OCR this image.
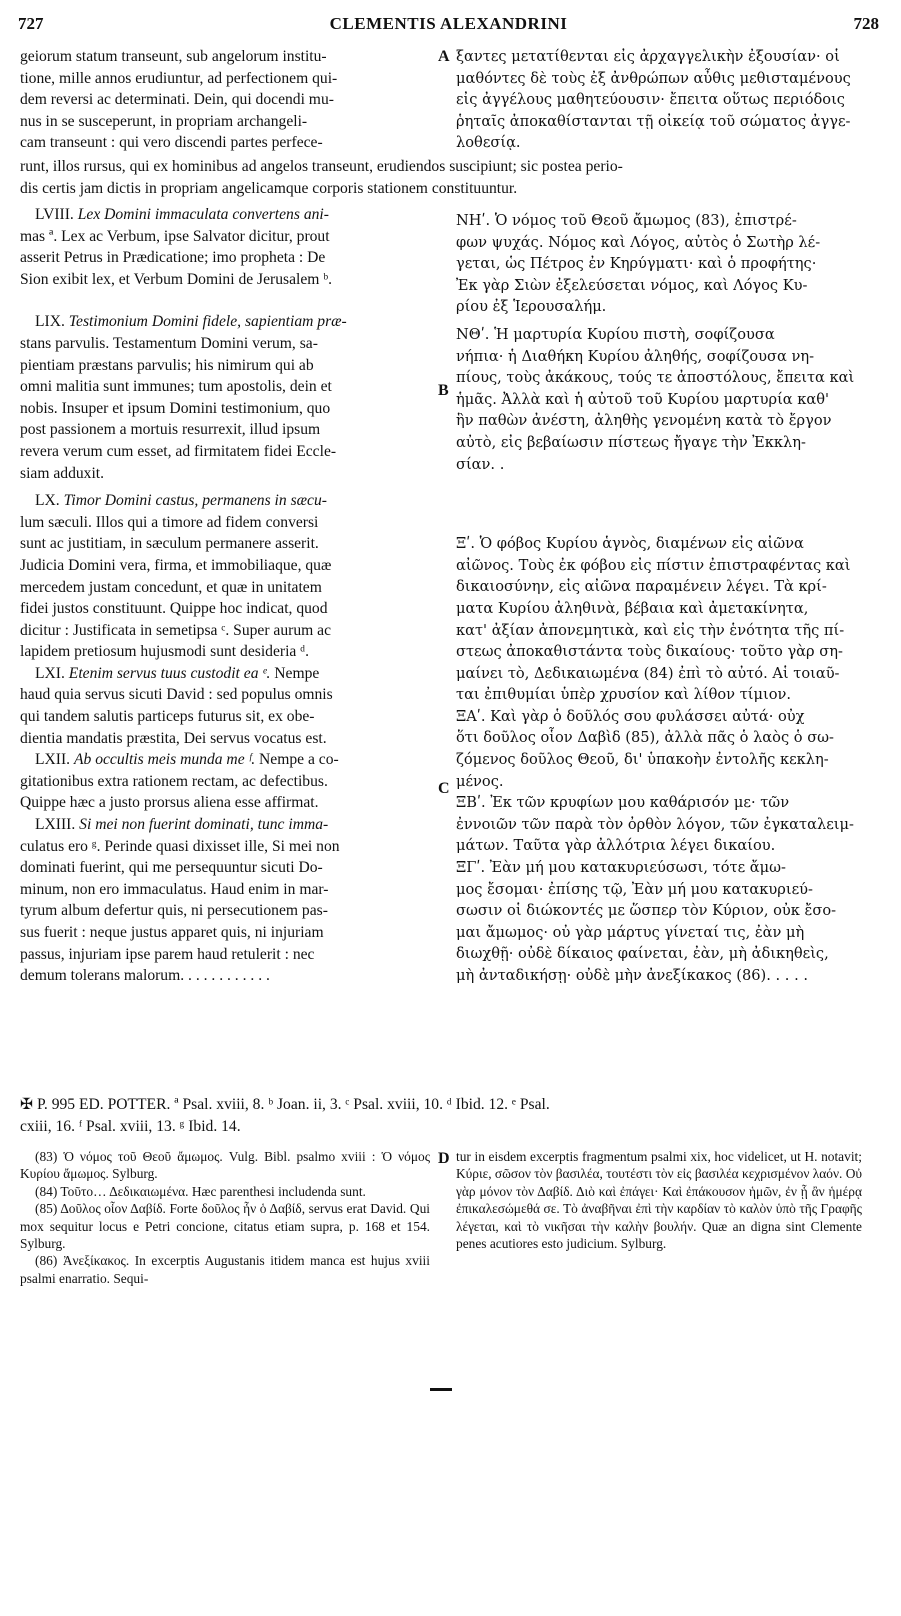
727	CLEMENTIS ALEXANDRINI	728

geiorum statum transeunt, sub angelorum institu-

tione, mille annos erudiuntur, ad perfectionem qui-

dem reversi ac determinati. Dein, qui docendi mu-

nus in se susceperunt, in propriam archangeli-

cam transeunt : qui vero discendi partes perfece-

ξαντες μετατίθενται εἰς ἀρχαγγελικὴν ἐξουσίαν· οἱ

μαθόντες δὲ τοὺς ἐξ ἀνθρώπων αὖθις μεθισταμένους

εἰς ἀγγέλους μαθητεύουσιν· ἔπειτα οὕτως περιόδοις

ῥηταῖς ἀποκαθίστανται τῇ οἰκείᾳ τοῦ σώματος ἀγγε-

λοθεσίᾳ.

A

runt, illos rursus, qui ex hominibus ad angelos transeunt, erudiendos suscipiunt; sic postea perio-

dis certis jam dictis in propriam angelicamque corporis stationem constituuntur.

LVIII. Lex Domini immaculata convertens ani-

mas ª. Lex ac Verbum, ipse Salvator dicitur, prout

asserit Petrus in Prædicatione; imo propheta : De

Sion exibit lex, et Verbum Domini de Jerusalem ᵇ.

LIX. Testimonium Domini fidele, sapientiam præ-

stans parvulis. Testamentum Domini verum, sa-

pientiam præstans parvulis; his nimirum qui ab

omni malitia sunt immunes; tum apostolis, dein et

nobis. Insuper et ipsum Domini testimonium, quo

post passionem a mortuis resurrexit, illud ipsum

revera verum cum esset, ad firmitatem fidei Eccle-

siam adduxit.

LX. Timor Domini castus, permanens in sæcu-

lum sæculi. Illos qui a timore ad fidem conversi

sunt ac justitiam, in sæculum permanere asserit.

Judicia Domini vera, firma, et immobiliaque, quæ

mercedem justam concedunt, et quæ in unitatem

fidei justos constituunt. Quippe hoc indicat, quod

dicitur : Justificata in semetipsa ᶜ. Super aurum ac

lapidem pretiosum hujusmodi sunt desideria ᵈ.

LXI. Etenim servus tuus custodit ea ᵉ. Nempe

haud quia servus sicuti David : sed populus omnis

qui tandem salutis particeps futurus sit, ex obe-

dientia mandatis præstita, Dei servus vocatus est.

LXII. Ab occultis meis munda me ᶠ. Nempe a co-

gitationibus extra rationem rectam, ac defectibus.

Quippe hæc a justo prorsus aliena esse affirmat.

LXIII. Si mei non fuerint dominati, tunc imma-

culatus ero ᵍ. Perinde quasi dixisset ille, Si mei non

dominati fuerint, qui me persequuntur sicuti Do-

minum, non ero immaculatus. Haud enim in mar-

tyrum album defertur quis, ni persecutionem pas-

sus fuerit : neque justus apparet quis, ni injuriam

passus, injuriam ipse parem haud retulerit : nec

demum tolerans malorum. . . . . . . . . . . .

ΝΗʹ. Ὁ νόμος τοῦ Θεοῦ ἄμωμος (83), ἐπιστρέ-

φων ψυχάς. Νόμος καὶ Λόγος, αὐτὸς ὁ Σωτὴρ λέ-

γεται, ὡς Πέτρος ἐν Κηρύγματι· καὶ ὁ προφήτης·

Ἐκ γὰρ Σιὼν ἐξελεύσεται νόμος, καὶ Λόγος Κυ-

ρίου ἐξ Ἱερουσαλήμ.

ΝΘʹ. Ἡ μαρτυρία Κυρίου πιστὴ, σοφίζουσα

νήπια· ἡ Διαθήκη Κυρίου ἀληθής, σοφίζουσα νη-

πίους, τοὺς ἀκάκους, τούς τε ἀποστόλους, ἔπειτα καὶ

ἡμᾶς. Ἀλλὰ καὶ ἡ αὐτοῦ τοῦ Κυρίου μαρτυρία καθ'

ἣν παθὼν ἀνέστη, ἀληθὴς γενομένη κατὰ τὸ ἔργον

αὐτὸ, εἰς βεβαίωσιν πίστεως ἤγαγε τὴν Ἐκκλη-

σίαν. .

Ξʹ. Ὁ φόβος Κυρίου ἁγνὸς, διαμένων εἰς αἰῶνα

αἰῶνος. Τοὺς ἐκ φόβου εἰς πίστιν ἐπιστραφέντας καὶ

δικαιοσύνην, εἰς αἰῶνα παραμένειν λέγει. Τὰ κρί-

ματα Κυρίου ἀληθινὰ, βέβαια καὶ ἀμετακίνητα,

κατ' ἀξίαν ἀπονεμητικὰ, καὶ εἰς τὴν ἑνότητα τῆς πί-

στεως ἀποκαθιστάντα τοὺς δικαίους· τοῦτο γὰρ ση-

μαίνει τὸ, Δεδικαιωμένα (84) ἐπὶ τὸ αὐτό. Αἱ τοιαῦ-

ται ἐπιθυμίαι ὑπὲρ χρυσίον καὶ λίθον τίμιον.

ΞΑʹ. Καὶ γὰρ ὁ δοῦλός σου φυλάσσει αὐτά· οὐχ

ὅτι δοῦλος οἷον Δαβὶδ (85), ἀλλὰ πᾶς ὁ λαὸς ὁ σω-

ζόμενος δοῦλος Θεοῦ, δι' ὑπακοὴν ἐντολῆς κεκλη-

μένος.

ΞΒʹ. Ἐκ τῶν κρυφίων μου καθάρισόν με· τῶν

ἐννοιῶν τῶν παρὰ τὸν ὀρθὸν λόγον, τῶν ἐγκαταλειμ-

μάτων. Ταῦτα γὰρ ἀλλότρια λέγει δικαίου.

ΞΓʹ. Ἐὰν μή μου κατακυριεύσωσι, τότε ἄμω-

μος ἔσομαι· ἐπίσης τῷ, Ἐὰν μή μου κατακυριεύ-

σωσιν οἱ διώκοντές με ὥσπερ τὸν Κύριον, οὐκ ἔσο-

μαι ἄμωμος· οὐ γὰρ μάρτυς γίνεταί τις, ἐὰν μὴ

διωχθῇ· οὐδὲ δίκαιος φαίνεται, ἐὰν, μὴ ἀδικηθεὶς,

μὴ ἀνταδικήσῃ· οὐδὲ μὴν ἀνεξίκακος (86). . . . .

B
C

✠ P. 995 ED. POTTER. ª Psal. xviii, 8. ᵇ Joan. ii, 3. ᶜ Psal. xviii, 10. ᵈ Ibid. 12. ᵉ Psal.

cxiii, 16. ᶠ Psal. xviii, 13. ᵍ Ibid. 14.

(83) Ὁ νόμος τοῦ Θεοῦ ἄμωμος. Vulg. Bibl. psalmo xviii : Ὁ νόμος Κυρίου ἄμωμος. Sylburg.

(84) Τοῦτο… Δεδικαιωμένα. Hæc parenthesi includenda sunt.

(85) Δοῦλος οἷον Δαβίδ. Forte δοῦλος ἦν ὁ Δαβίδ, servus erat David. Qui mox sequitur locus e Petri concione, citatus etiam supra, p. 168 et 154. Sylburg.

(86) Ἀνεξίκακος. In excerptis Augustanis itidem manca est hujus xviii psalmi enarratio. Sequi-

D tur in eisdem excerptis fragmentum psalmi xix, hoc videlicet, ut H. notavit; Κύριε, σῶσον τὸν βασιλέα, τουτέστι τὸν εἰς βασιλέα κεχρισμένον λαόν. Οὐ γὰρ μόνον τὸν Δαβίδ. Διὸ καὶ ἐπάγει· Καὶ ἐπάκουσον ἡμῶν, ἐν ᾗ ἂν ἡμέρᾳ ἐπικαλεσώμεθά σε. Τὸ ἀναβῆναι ἐπὶ τὴν καρδίαν τὸ καλὸν ὑπὸ τῆς Γραφῆς λέγεται, καὶ τὸ νικῆσαι τὴν καλὴν βουλήν. Quæ an digna sint Clemente penes acutiores esto judicium. Sylburg.
